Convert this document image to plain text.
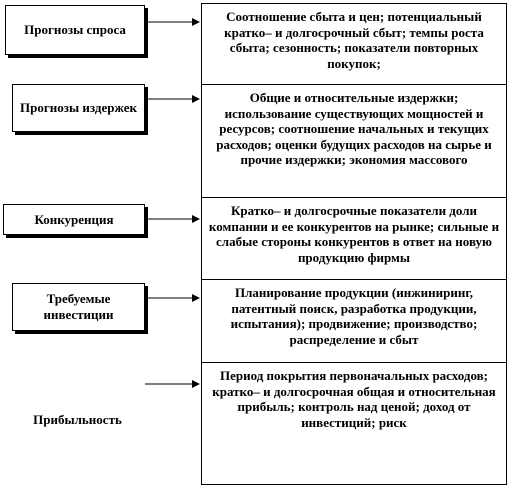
Прогнозы спроса
Прогнозы издержек
Конкуренция
Требуемые инвестиции
Прибыльность
Соотношение сбыта и цен; потенциальный кратко– и долгосрочный сбыт; темпы роста сбыта; сезонность; показатели повторных покупок;
Общие и относительные издержки; использование существующих мощностей и ресурсов; соотношение начальных и текущих расходов; оценки будущих расходов на сырье и прочие издержки; экономия массового
Кратко– и долгосрочные показатели доли компании и ее конкурентов на рынке; сильные и слабые стороны конкурентов в ответ на новую продукцию фирмы
Планирование продукции (инжиниринг, патентный поиск, разработка продукции, испытания); продвижение; производство; распределение и сбыт
Период покрытия первоначальных расходов; кратко– и долгосрочная общая и относительная прибыль; контроль над ценой; доход от инвестиций; риск
